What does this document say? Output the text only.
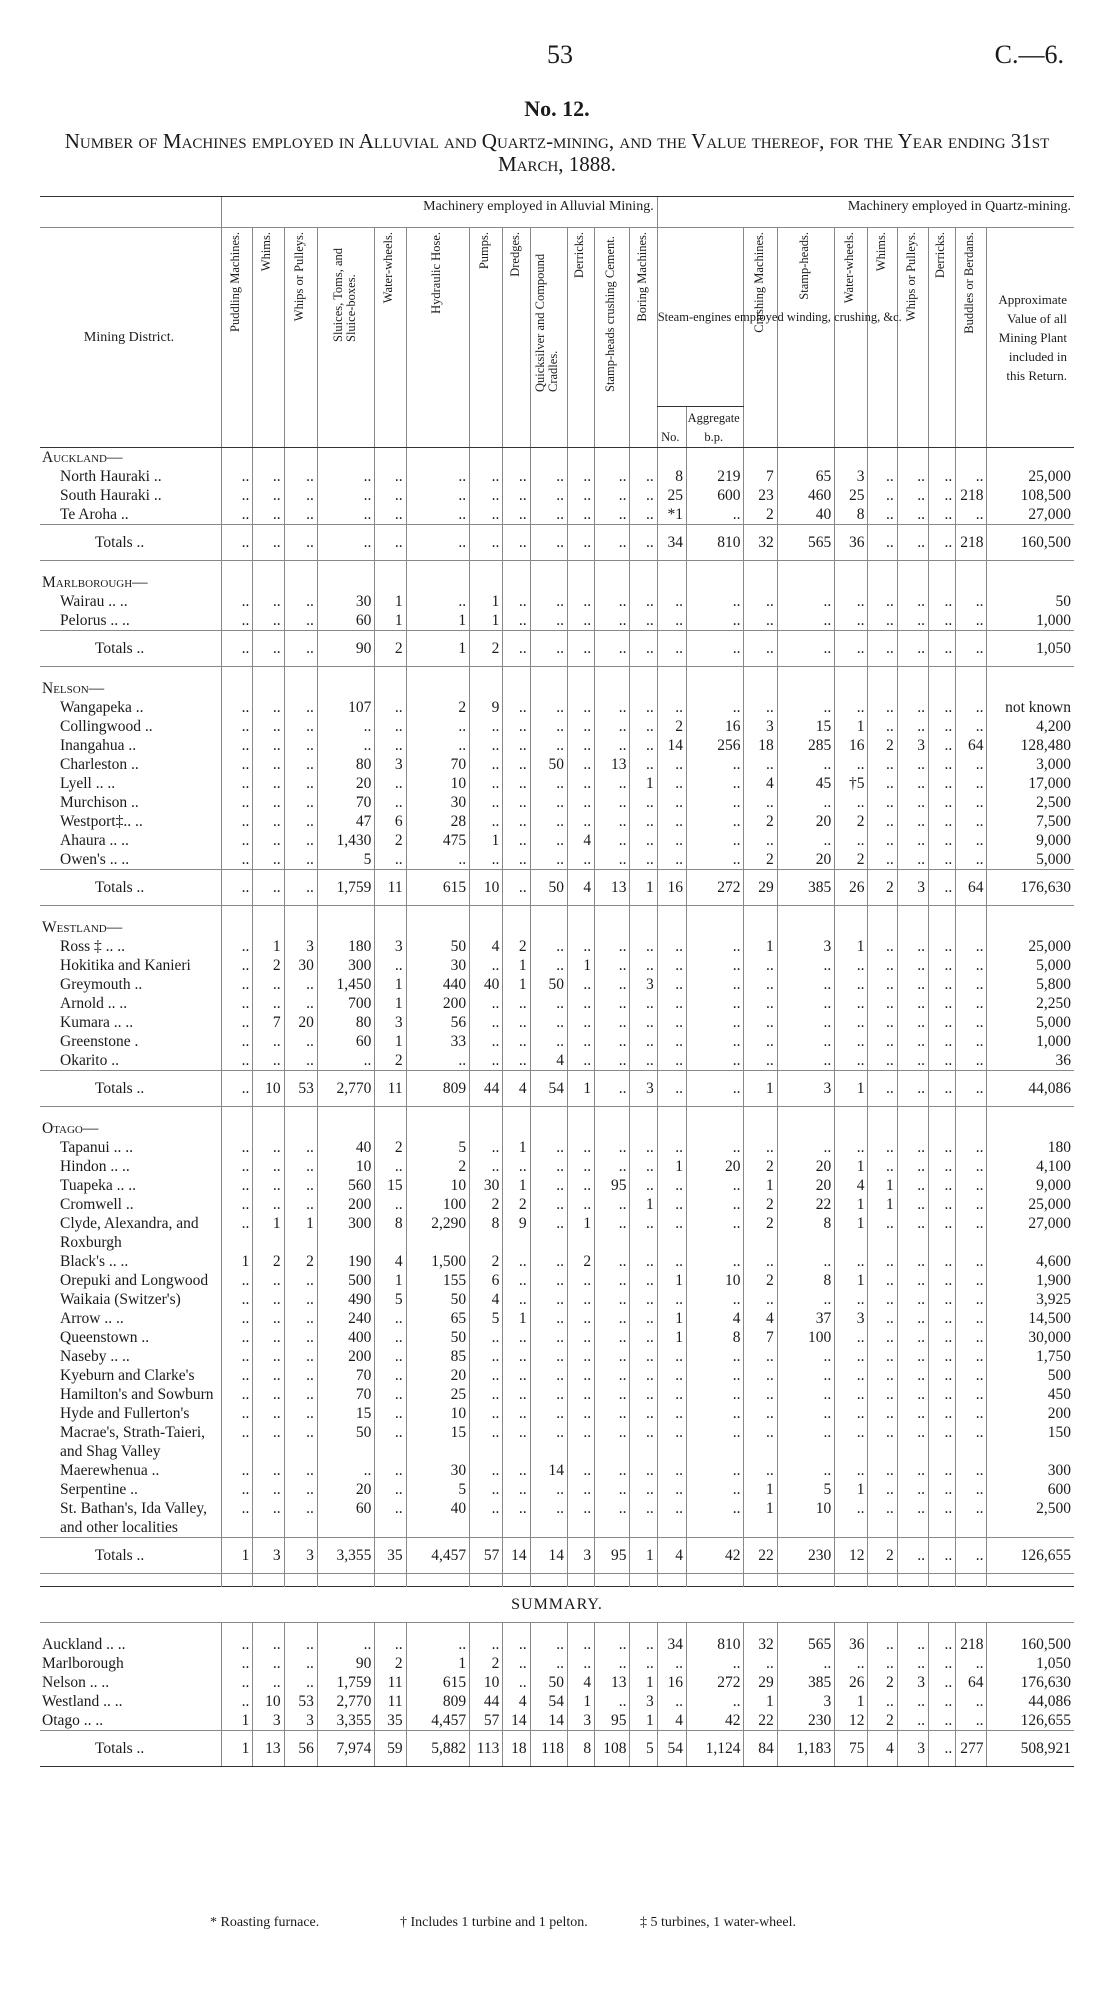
53	C.—6.
No. 12.
Number of Machines employed in Alluvial and Quartz-mining, and the Value thereof, for the Year ending 31st March, 1888.
	Machinery employed in Alluvial Mining.												Machinery employed in Quartz-mining.									
Mining District.	Puddling Machines.	Whims.	Whips or Pulleys.	Sluices, Toms, and Sluice-boxes.	Water-wheels.	Hydraulic Hose.	Pumps.	Dredges.	Quicksilver and Compound Cradles.	Derricks.	Stamp-heads crushing Cement.	Boring Machines.	Steam-engines employed winding, crushing, &c.		Crushing Machines.	Stamp-heads.	Water-wheels.	Whims.	Whips or Pulleys.	Derricks.	Buddles or Berdans.	Approximate Value of all Mining Plant included in this Return.

													No.	Aggregate b.p.								
Auckland—																						
North Hauraki ..	..	..	..	..	..	..	..	..	..	..	..	..	8	219	7	65	3	..	..	..	..	25,000
South Hauraki ..	..	..	..	..	..	..	..	..	..	..	..	..	25	600	23	460	25	..	..	..	218	108,500
Te Aroha ..	..	..	..	..	..	..	..	..	..	..	..	..	*1	..	2	40	8	..	..	..	..	27,000
Totals ..	..	..	..	..	..	..	..	..	..	..	..	..	34	810	32	565	36	..	..	..	218	160,500

Marlborough—																						
Wairau .. ..	..	..	..	30	1	..	1	..	..	..	..	..	..	..	..	..	..	..	..	..	..	50
Pelorus .. ..	..	..	..	60	1	1	1	..	..	..	..	..	..	..	..	..	..	..	..	..	..	1,000
Totals ..	..	..	..	90	2	1	2	..	..	..	..	..	..	..	..	..	..	..	..	..	..	1,050

Nelson—																						
Wangapeka ..	..	..	..	107	..	2	9	..	..	..	..	..	..	..	..	..	..	..	..	..	..	not known
Collingwood ..	..	..	..	..	..	..	..	..	..	..	..	..	2	16	3	15	1	..	..	..	..	4,200
Inangahua ..	..	..	..	..	..	..	..	..	..	..	..	..	14	256	18	285	16	2	3	..	64	128,480
Charleston ..	..	..	..	80	3	70	..	..	50	..	13	..	..	..	..	..	..	..	..	..	..	3,000
Lyell .. ..	..	..	..	20	..	10	..	..	..	..	..	1	..	..	4	45	†5	..	..	..	..	17,000
Murchison ..	..	..	..	70	..	30	..	..	..	..	..	..	..	..	..	..	..	..	..	..	..	2,500
Westport‡.. ..	..	..	..	47	6	28	..	..	..	..	..	..	..	..	2	20	2	..	..	..	..	7,500
Ahaura .. ..	..	..	..	1,430	2	475	1	..	..	4	..	..	..	..	..	..	..	..	..	..	..	9,000
Owen's .. ..	..	..	..	5	..	..	..	..	..	..	..	..	..	..	2	20	2	..	..	..	..	5,000
Totals ..	..	..	..	1,759	11	615	10	..	50	4	13	1	16	272	29	385	26	2	3	..	64	176,630

Westland—																						
Ross ‡ .. ..	..	1	3	180	3	50	4	2	..	..	..	..	..	..	1	3	1	..	..	..	..	25,000
Hokitika and Kanieri	..	2	30	300	..	30	..	1	..	1	..	..	..	..	..	..	..	..	..	..	..	5,000
Greymouth ..	..	..	..	1,450	1	440	40	1	50	..	..	3	..	..	..	..	..	..	..	..	..	5,800
Arnold .. ..	..	..	..	700	1	200	..	..	..	..	..	..	..	..	..	..	..	..	..	..	..	2,250
Kumara .. ..	..	7	20	80	3	56	..	..	..	..	..	..	..	..	..	..	..	..	..	..	..	5,000
Greenstone .	..	..	..	60	1	33	..	..	..	..	..	..	..	..	..	..	..	..	..	..	..	1,000
Okarito ..	..	..	..	..	2	..	..	..	4	..	..	..	..	..	..	..	..	..	..	..	..	36
Totals ..	..	10	53	2,770	11	809	44	4	54	1	..	3	..	..	1	3	1	..	..	..	..	44,086

Otago—																						
Tapanui .. ..	..	..	..	40	2	5	..	1	..	..	..	..	..	..	..	..	..	..	..	..	..	180
Hindon .. ..	..	..	..	10	..	2	..	..	..	..	..	..	1	20	2	20	1	..	..	..	..	4,100
Tuapeka .. ..	..	..	..	560	15	10	30	1	..	..	95	..	..	..	1	20	4	1	..	..	..	9,000
Cromwell ..	..	..	..	200	..	100	2	2	..	..	..	1	..	..	2	22	1	1	..	..	..	25,000
Clyde, Alexandra, and Roxburgh	..	1	1	300	8	2,290	8	9	..	1	..	..	..	..	2	8	1	..	..	..	..	27,000
Black's .. ..	1	2	2	190	4	1,500	2	..	..	2	..	..	..	..	..	..	..	..	..	..	..	4,600
Orepuki and Longwood	..	..	..	500	1	155	6	..	..	..	..	..	1	10	2	8	1	..	..	..	..	1,900
Waikaia (Switzer's)	..	..	..	490	5	50	4	..	..	..	..	..	..	..	..	..	..	..	..	..	..	3,925
Arrow .. ..	..	..	..	240	..	65	5	1	..	..	..	..	1	4	4	37	3	..	..	..	..	14,500
Queenstown ..	..	..	..	400	..	50	..	..	..	..	..	..	1	8	7	100	..	..	..	..	..	30,000
Naseby .. ..	..	..	..	200	..	85	..	..	..	..	..	..	..	..	..	..	..	..	..	..	..	1,750
Kyeburn and Clarke's	..	..	..	70	..	20	..	..	..	..	..	..	..	..	..	..	..	..	..	..	..	500
Hamilton's and Sowburn	..	..	..	70	..	25	..	..	..	..	..	..	..	..	..	..	..	..	..	..	..	450
Hyde and Fullerton's	..	..	..	15	..	10	..	..	..	..	..	..	..	..	..	..	..	..	..	..	..	200
Macrae's, Strath-Taieri, and Shag Valley	..	..	..	50	..	15	..	..	..	..	..	..	..	..	..	..	..	..	..	..	..	150
Maerewhenua ..	..	..	..	..	..	30	..	..	14	..	..	..	..	..	..	..	..	..	..	..	..	300
Serpentine ..	..	..	..	20	..	5	..	..	..	..	..	..	..	..	1	5	1	..	..	..	..	600
St. Bathan's, Ida Valley, and other localities	..	..	..	60	..	40	..	..	..	..	..	..	..	..	1	10	..	..	..	..	..	2,500
Totals ..	1	3	3	3,355	35	4,457	57	14	14	3	95	1	4	42	22	230	12	2	..	..	..	126,655

SUMMARY.																						

Auckland .. ..	..	..	..	..	..	..	..	..	..	..	..	..	34	810	32	565	36	..	..	..	218	160,500
Marlborough	..	..	..	90	2	1	2	..	..	..	..	..	..	..	..	..	..	..	..	..	..	1,050
Nelson .. ..	..	..	..	1,759	11	615	10	..	50	4	13	1	16	272	29	385	26	2	3	..	64	176,630
Westland .. ..	..	10	53	2,770	11	809	44	4	54	1	..	3	..	..	1	3	1	..	..	..	..	44,086
Otago .. ..	1	3	3	3,355	35	4,457	57	14	14	3	95	1	4	42	22	230	12	2	..	..	..	126,655
Totals ..	1	13	56	7,974	59	5,882	113	18	118	8	108	5	54	1,124	84	1,183	75	4	3	..	277	508,921
* Roasting furnace.	† Includes 1 turbine and 1 pelton.	‡ 5 turbines, 1 water-wheel.
